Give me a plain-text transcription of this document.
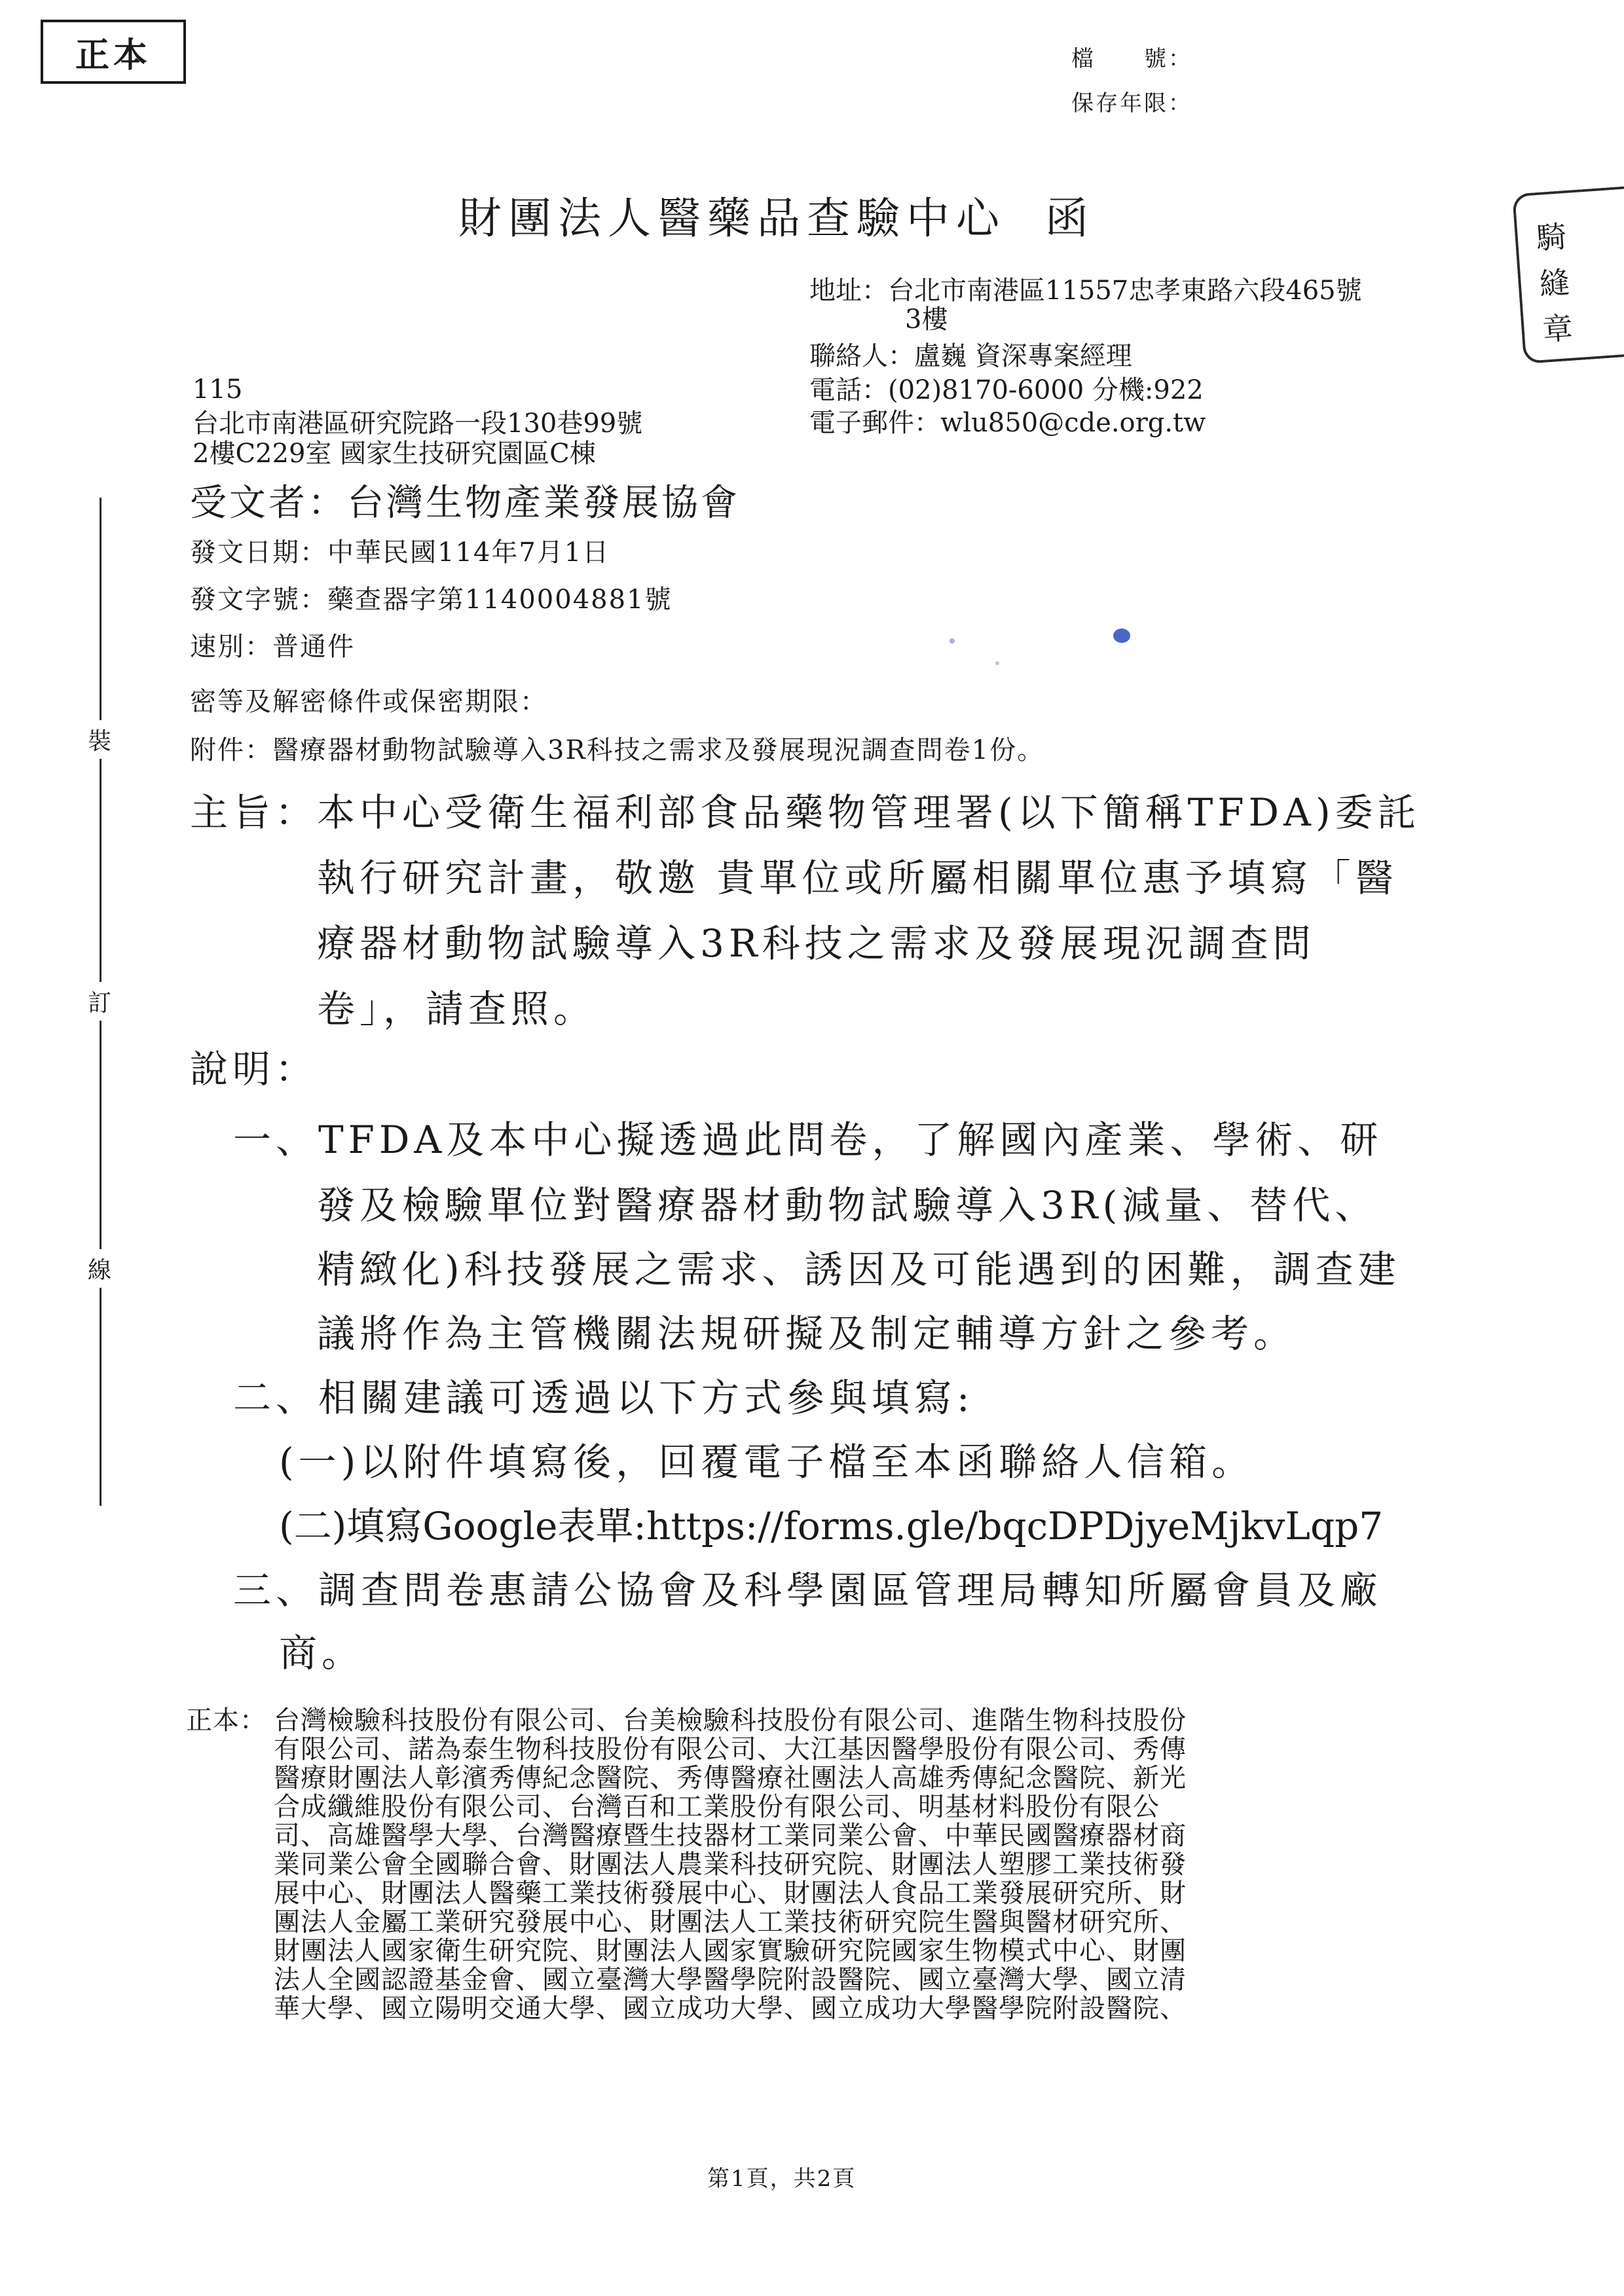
正本	檔　　號：
保存年限：
財團法人醫藥品查驗中心 函	騎
縫
章
地址：台北市南港區11557忠孝東路六段465號
3樓
聯絡人：盧巍 資深專案經理
電話：(02)8170-6000 分機:922
電子郵件：wlu850@cde.org.tw
115
台北市南港區研究院路一段130巷99號
2樓C229室 國家生技研究園區C棟
受文者：台灣生物產業發展協會
發文日期：中華民國114年7月1日
發文字號：藥查器字第1140004881號
速別：普通件
密等及解密條件或保密期限：
附件：醫療器材動物試驗導入3R科技之需求及發展現況調查問卷1份。
裝
訂
線
主旨：
本中心受衛生福利部食品藥物管理署(以下簡稱TFDA)委託
執行研究計畫，敬邀 貴單位或所屬相關單位惠予填寫「醫
療器材動物試驗導入3R科技之需求及發展現況調查問
卷」，請查照。
說明：
一、TFDA及本中心擬透過此問卷，了解國內產業、學術、研
發及檢驗單位對醫療器材動物試驗導入3R(減量、替代、
精緻化)科技發展之需求、誘因及可能遇到的困難，調查建
議將作為主管機關法規研擬及制定輔導方針之參考。
二、相關建議可透過以下方式參與填寫:
(一)以附件填寫後，回覆電子檔至本函聯絡人信箱。
(二)填寫Google表單:https://forms.gle/bqcDPDjyeMjkvLqp7
三、調查問卷惠請公協會及科學園區管理局轉知所屬會員及廠
商。
正本： 台灣檢驗科技股份有限公司、台美檢驗科技股份有限公司、進階生物科技股份
有限公司、諾為泰生物科技股份有限公司、大江基因醫學股份有限公司、秀傳
醫療財團法人彰濱秀傳紀念醫院、秀傳醫療社團法人高雄秀傳紀念醫院、新光
合成纖維股份有限公司、台灣百和工業股份有限公司、明基材料股份有限公
司、高雄醫學大學、台灣醫療暨生技器材工業同業公會、中華民國醫療器材商
業同業公會全國聯合會、財團法人農業科技研究院、財團法人塑膠工業技術發
展中心、財團法人醫藥工業技術發展中心、財團法人食品工業發展研究所、財
團法人金屬工業研究發展中心、財團法人工業技術研究院生醫與醫材研究所、
財團法人國家衛生研究院、財團法人國家實驗研究院國家生物模式中心、財團
法人全國認證基金會、國立臺灣大學醫學院附設醫院、國立臺灣大學、國立清
華大學、國立陽明交通大學、國立成功大學、國立成功大學醫學院附設醫院、
第1頁，共2頁
